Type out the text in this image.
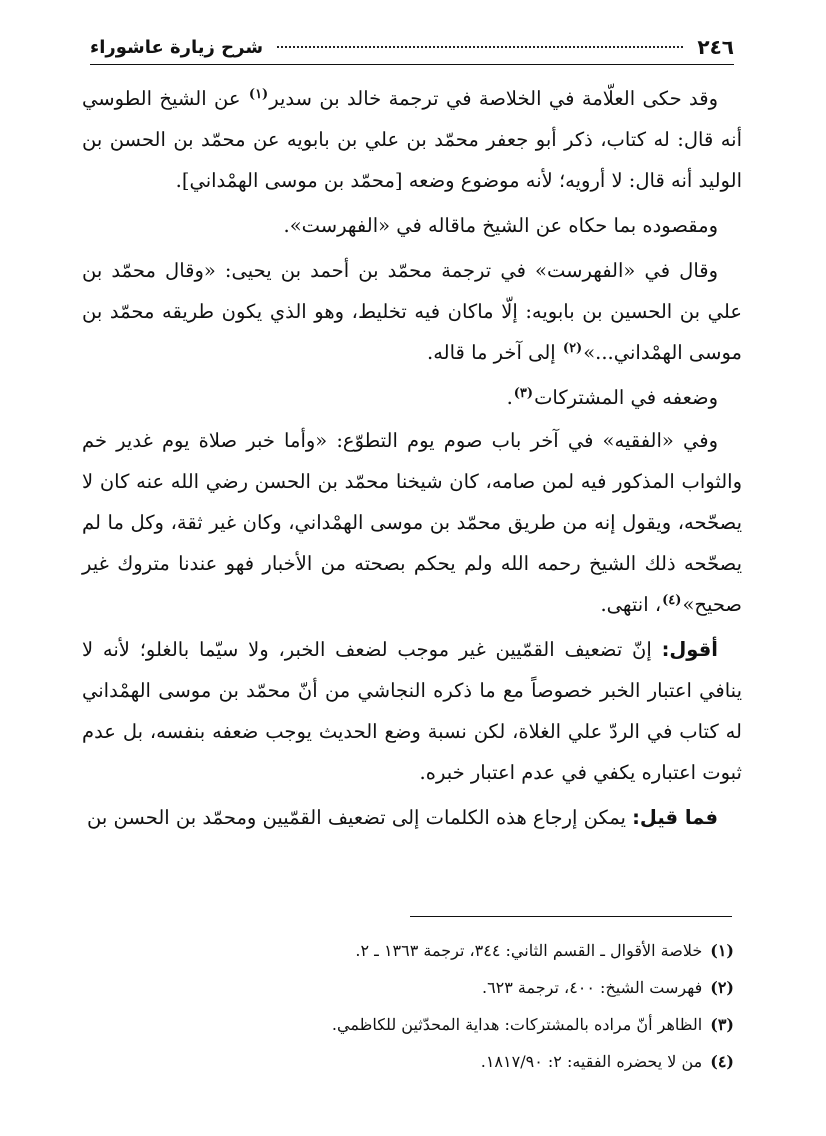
٢٤٦
شرح زيارة عاشوراء

وقد حكى العلّامة في الخلاصة في ترجمة خالد بن سدير$^{(١)}$ عن الشيخ الطوسي أنه قال: له كتاب، ذكر أبو جعفر محمّد بن علي بن بابويه عن محمّد بن الحسن بن الوليد أنه قال: لا أرويه؛ لأنه موضوع وضعه [محمّد بن موسى الهمْداني].

ومقصوده بما حكاه عن الشيخ ماقاله في «الفهرست».

وقال في «الفهرست» في ترجمة محمّد بن أحمد بن يحيى: «وقال محمّد بن علي بن الحسين بن بابويه: إلّا ماكان فيه تخليط، وهو الذي يكون طريقه محمّد بن موسى الهمْداني...»$^{(٢)}$ إلى آخر ما قاله.

وضعفه في المشتركات$^{(٣)}$.

وفي «الفقيه» في آخر باب صوم يوم التطوّع: «وأما خبر صلاة يوم غدير خم والثواب المذكور فيه لمن صامه، كان شيخنا محمّد بن الحسن رضي الله عنه كان لا يصحّحه، ويقول إنه من طريق محمّد بن موسى الهمْداني، وكان غير ثقة، وكل ما لم يصحّحه ذلك الشيخ رحمه الله ولم يحكم بصحته من الأخبار فهو عندنا متروك غير صحيح»$^{(٤)}$، انتهى.

أقول: إنّ تضعيف القمّيين غير موجب لضعف الخبر، ولا سيّما بالغلو؛ لأنه لا ينافي اعتبار الخبر خصوصاً مع ما ذكره النجاشي من أنّ محمّد بن موسى الهمْداني له كتاب في الردّ علي الغلاة، لكن نسبة وضع الحديث يوجب ضعفه بنفسه، بل عدم ثبوت اعتباره يكفي في عدم اعتبار خبره.

فما قيل: يمكن إرجاع هذه الكلمات إلى تضعيف القمّيين ومحمّد بن الحسن بن

(١)خلاصة الأقوال ـ القسم الثاني: ٣٤٤، ترجمة ١٣٦٣ ـ ٢.

(٢)فهرست الشيخ: ٤٠٠، ترجمة ٦٢٣.

(٣)الظاهر أنّ مراده بالمشتركات: هداية المحدّثين للكاظمي.

(٤)من لا يحضره الفقيه: ٢: ١٨١٧/٩٠.
